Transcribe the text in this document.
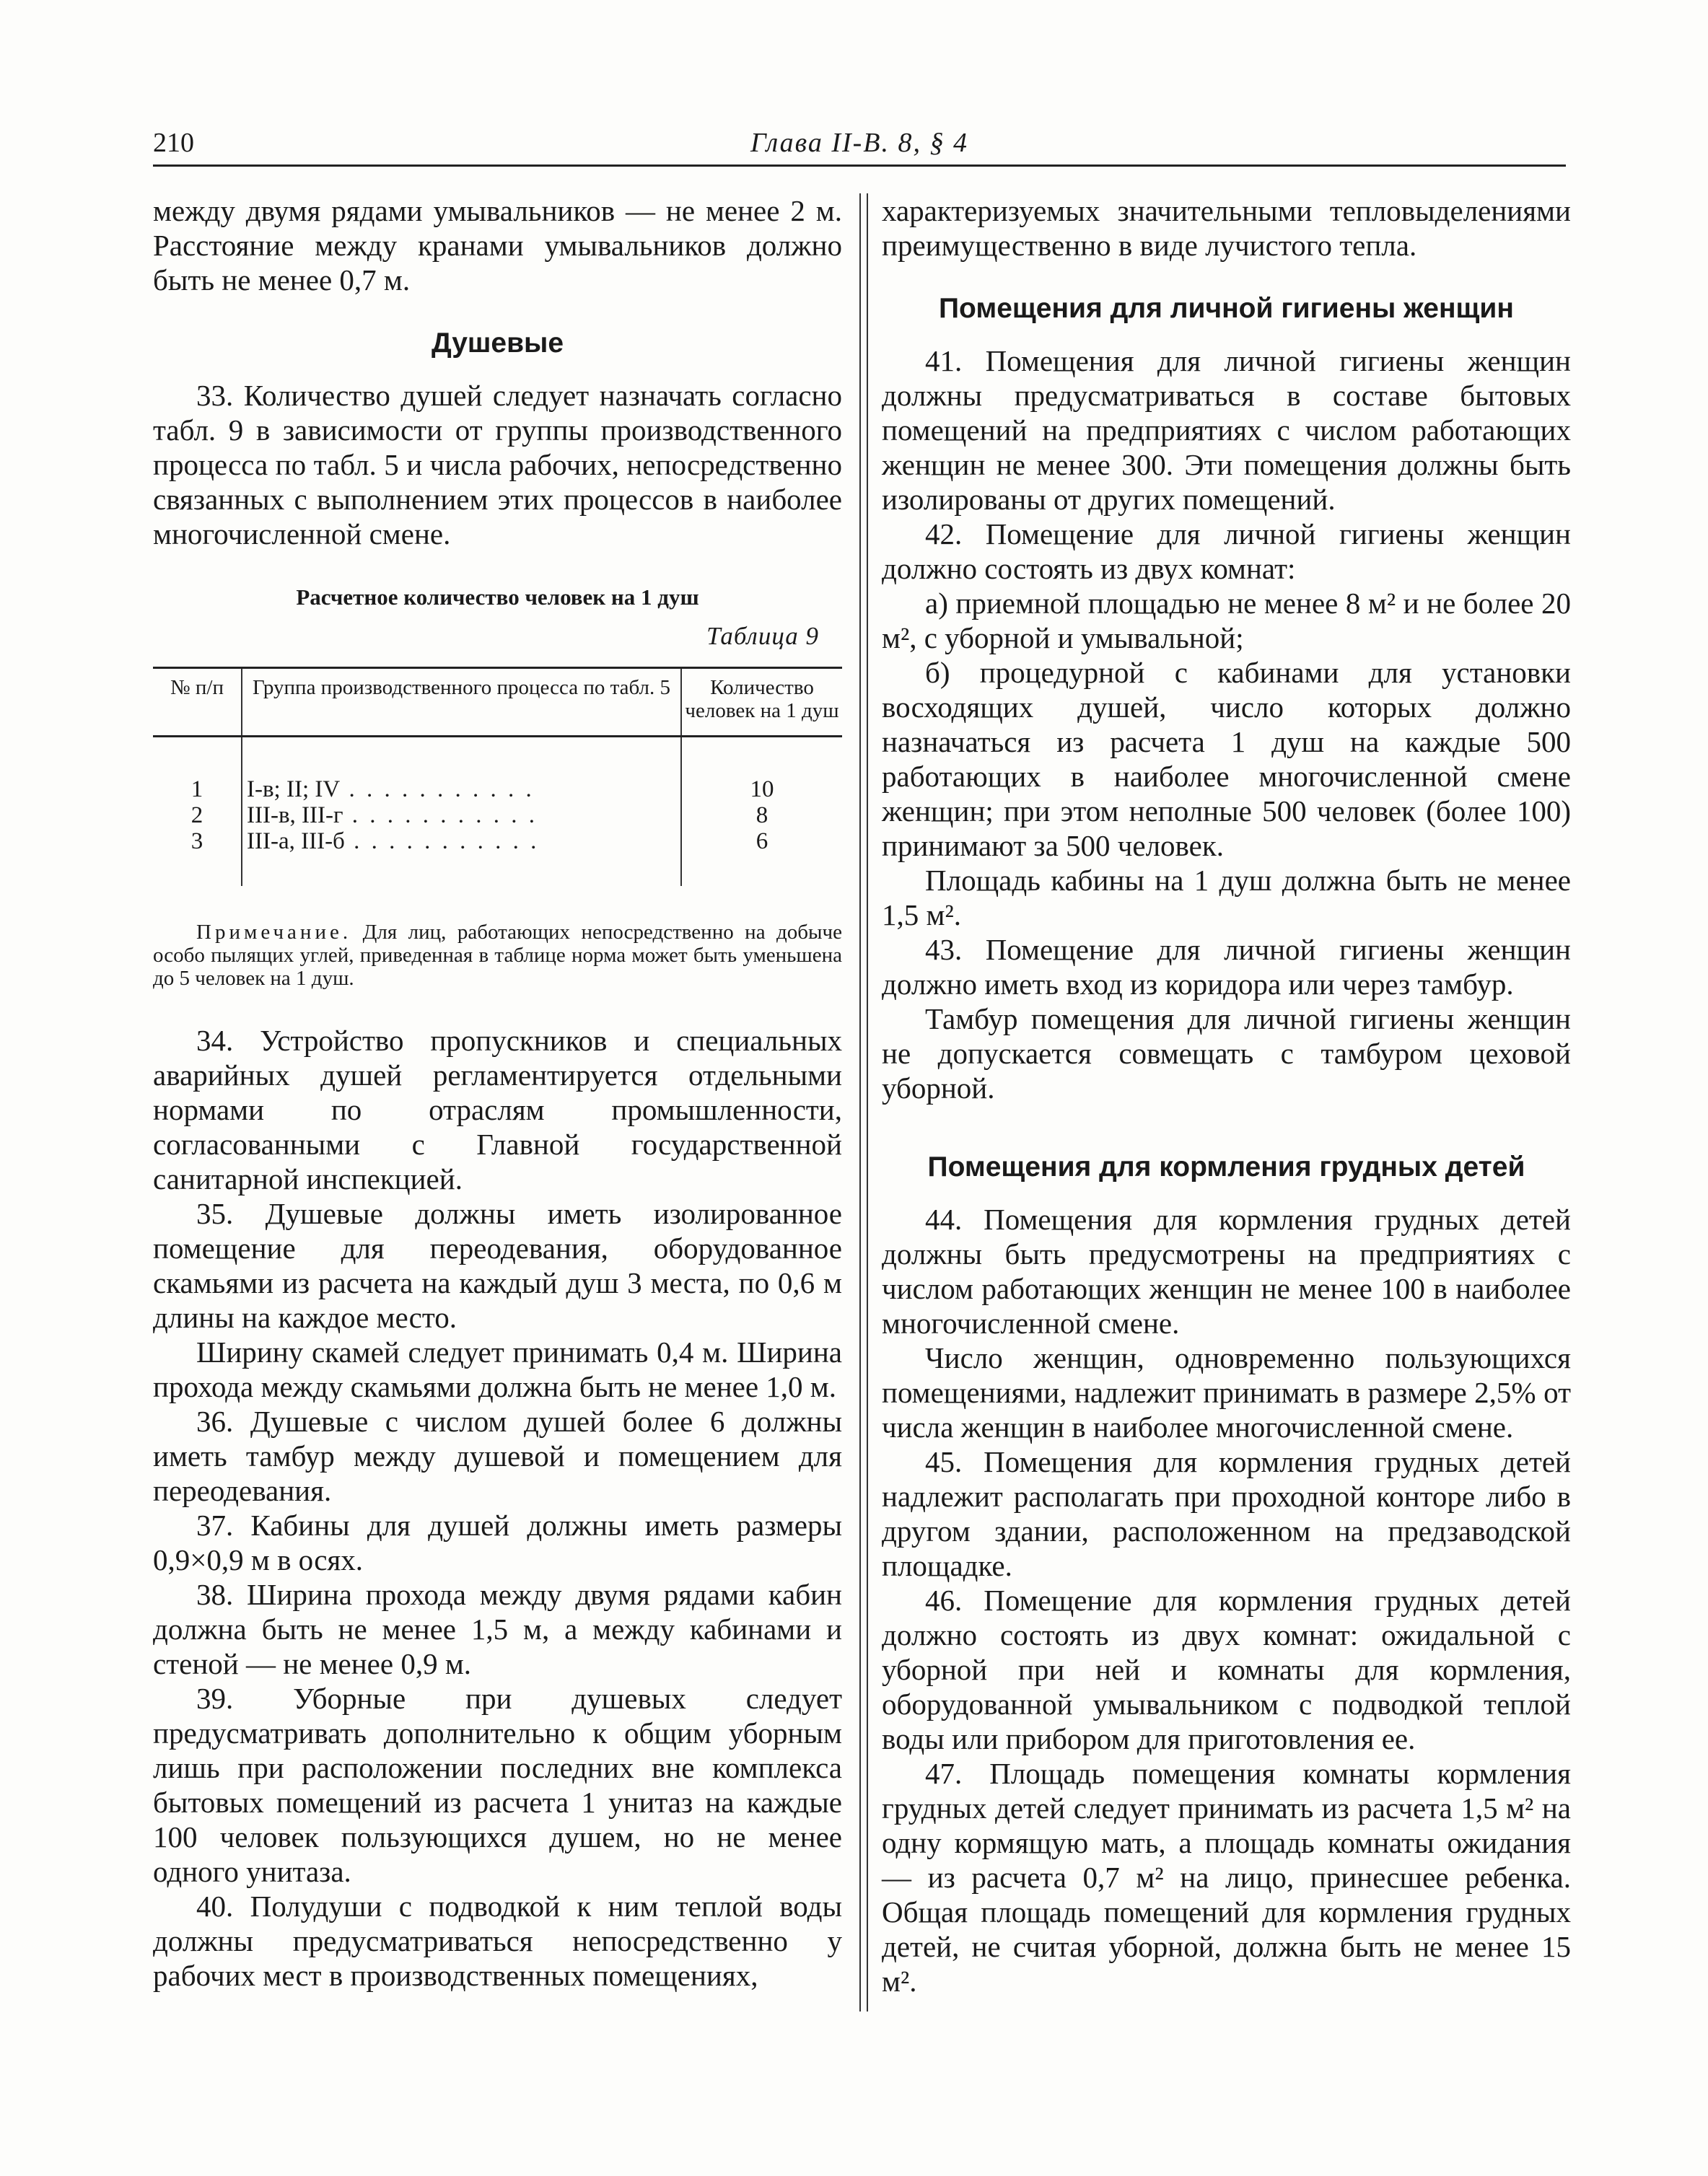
210	Глава II-В. 8, § 4

между двумя рядами умывальников — не менее 2 м. Расстояние между кранами умывальников должно быть не менее 0,7 м.

Душевые

33. Количество душей следует назначать согласно табл. 9 в зависимости от группы производственного процесса по табл. 5 и числа рабочих, непосредственно связанных с выполнением этих процессов в наиболее многочисленной смене.

Расчетное количество человек на 1 душ
Таблица 9
№ п/п	Группа производственного процесса по табл. 5	Количество человек на 1 душ
1	I-в; II; IV . . . . . . . . . . .	10
2	III-в, III-г . . . . . . . . . . .	8
3	III-а, III-б . . . . . . . . . . .	6

Примечание. Для лиц, работающих непосредственно на добыче особо пылящих углей, приведенная в таблице норма может быть уменьшена до 5 человек на 1 душ.

34. Устройство пропускников и специальных аварийных душей регламентируется отдельными нормами по отраслям промышленности, согласованными с Главной государственной санитарной инспекцией.

35. Душевые должны иметь изолированное помещение для переодевания, оборудованное скамьями из расчета на каждый душ 3 места, по 0,6 м длины на каждое место.

Ширину скамей следует принимать 0,4 м. Ширина прохода между скамьями должна быть не менее 1,0 м.

36. Душевые с числом душей более 6 должны иметь тамбур между душевой и помещением для переодевания.

37. Кабины для душей должны иметь размеры 0,9×0,9 м в осях.

38. Ширина прохода между двумя рядами кабин должна быть не менее 1,5 м, а между кабинами и стеной — не менее 0,9 м.

39. Уборные при душевых следует предусматривать дополнительно к общим уборным лишь при расположении последних вне комплекса бытовых помещений из расчета 1 унитаз на каждые 100 человек пользующихся душем, но не менее одного унитаза.

40. Полудуши с подводкой к ним теплой воды должны предусматриваться непосредственно у рабочих мест в производственных помещениях,

характеризуемых значительными тепловыделениями преимущественно в виде лучистого тепла.

Помещения для личной гигиены женщин

41. Помещения для личной гигиены женщин должны предусматриваться в составе бытовых помещений на предприятиях с числом работающих женщин не менее 300. Эти помещения должны быть изолированы от других помещений.

42. Помещение для личной гигиены женщин должно состоять из двух комнат:

а) приемной площадью не менее 8 м² и не более 20 м², с уборной и умывальной;

б) процедурной с кабинами для установки восходящих душей, число которых должно назначаться из расчета 1 душ на каждые 500 работающих в наиболее многочисленной смене женщин; при этом неполные 500 человек (более 100) принимают за 500 человек.

Площадь кабины на 1 душ должна быть не менее 1,5 м².

43. Помещение для личной гигиены женщин должно иметь вход из коридора или через тамбур.

Тамбур помещения для личной гигиены женщин не допускается совмещать с тамбуром цеховой уборной.

Помещения для кормления грудных детей

44. Помещения для кормления грудных детей должны быть предусмотрены на предприятиях с числом работающих женщин не менее 100 в наиболее многочисленной смене.

Число женщин, одновременно пользующихся помещениями, надлежит принимать в размере 2,5% от числа женщин в наиболее многочисленной смене.

45. Помещения для кормления грудных детей надлежит располагать при проходной конторе либо в другом здании, расположенном на предзаводской площадке.

46. Помещение для кормления грудных детей должно состоять из двух комнат: ожидальной с уборной при ней и комнаты для кормления, оборудованной умывальником с подводкой теплой воды или прибором для приготовления ее.

47. Площадь помещения комнаты кормления грудных детей следует принимать из расчета 1,5 м² на одну кормящую мать, а площадь комнаты ожидания — из расчета 0,7 м² на лицо, принесшее ребенка. Общая площадь помещений для кормления грудных детей, не считая уборной, должна быть не менее 15 м².
